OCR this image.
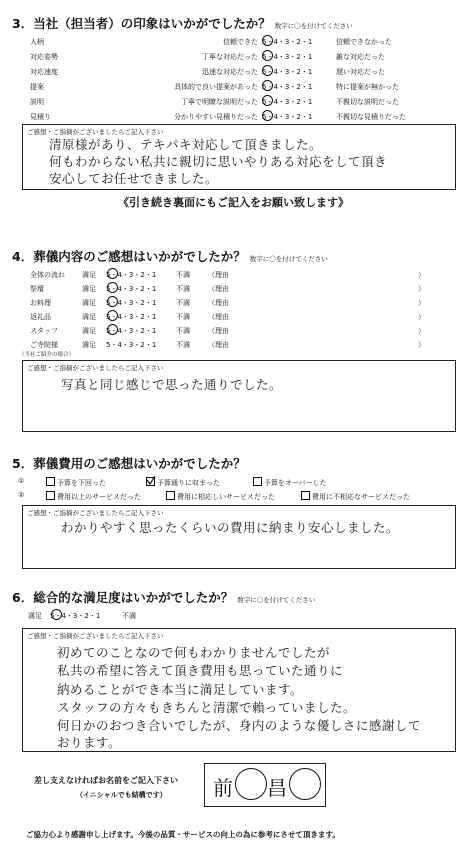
3．当社（担当者）の印象はいかがでしたか？ 数字に〇を付けてください
人柄	信頼できた 5・4・3・2・1	信頼できなかった
対応姿勢	丁寧な対応だった 5・4・3・2・1	雑な対応だった
対応速度	迅速な対応だった 5・4・3・2・1	遅い対応だった
提案	具体的で良い提案があった 5・4・3・2・1	特に提案が無かった
説明	丁寧で明瞭な説明だった 5・4・3・2・1	不親切な説明だった
見積り	分かりやすい見積りだった 5・4・3・2・1	不親切な見積りだった
ご感想・ご指摘がございましたらご記入下さい
清原様があり、テキパキ対応して頂きました。
何もわからない私共に親切に思いやりある対応をして頂き
安心してお任せできました。
《引き続き裏面にもご記入をお願い致します》
4．葬儀内容のご感想はいかがでしたか？ 数字に〇を付けてください
全体の流れ 満足 5・4・3・2・1	不満	（理由	）
祭壇	満足 5・4・3・2・1	不満	（理由	）
お料理	満足 5・4・3・2・1	不満	（理由	）
返礼品	満足 5・4・3・2・1	不満	（理由	）
スタッフ	満足 5・4・3・2・1	不満	（理由	）
ご寺院様	満足 5・4・3・2・1	不満	（理由	）
（当社ご紹介の場合）
ご感想・ご指摘がございましたらご記入下さい
写真と同じ感じで思った通りでした。
5．葬儀費用のご感想はいかがでしたか？
①	予算を下回った	予算通りに収まった	予算をオーバーした
②	費用以上のサービスだった	費用に相応しいサービスだった	費用に不相応なサービスだった
ご感想・ご指摘がございましたらご記入下さい
わかりやすく思ったくらいの費用に納まり安心しました。
6．総合的な満足度はいかがでしたか？ 数字に〇を付けてください
満足 5・4・3・2・1	不満
ご感想・ご指摘がございましたらご記入下さい
初めてのことなので何もわかりませんでしたが
私共の希望に答えて頂き費用も思っていた通りに
納めることができ本当に満足しています。
スタッフの方々もきちんと清潔で賴っていました。
何日かのおつき合いでしたが、身内のような優しさに感謝して
おります。
差し支えなければお名前をご記入下さい
（イニシャルでも結構です） 前 昌
ご協力心より感謝申し上げます。今後の品質・サービスの向上の為に参考にさせて頂きます。
